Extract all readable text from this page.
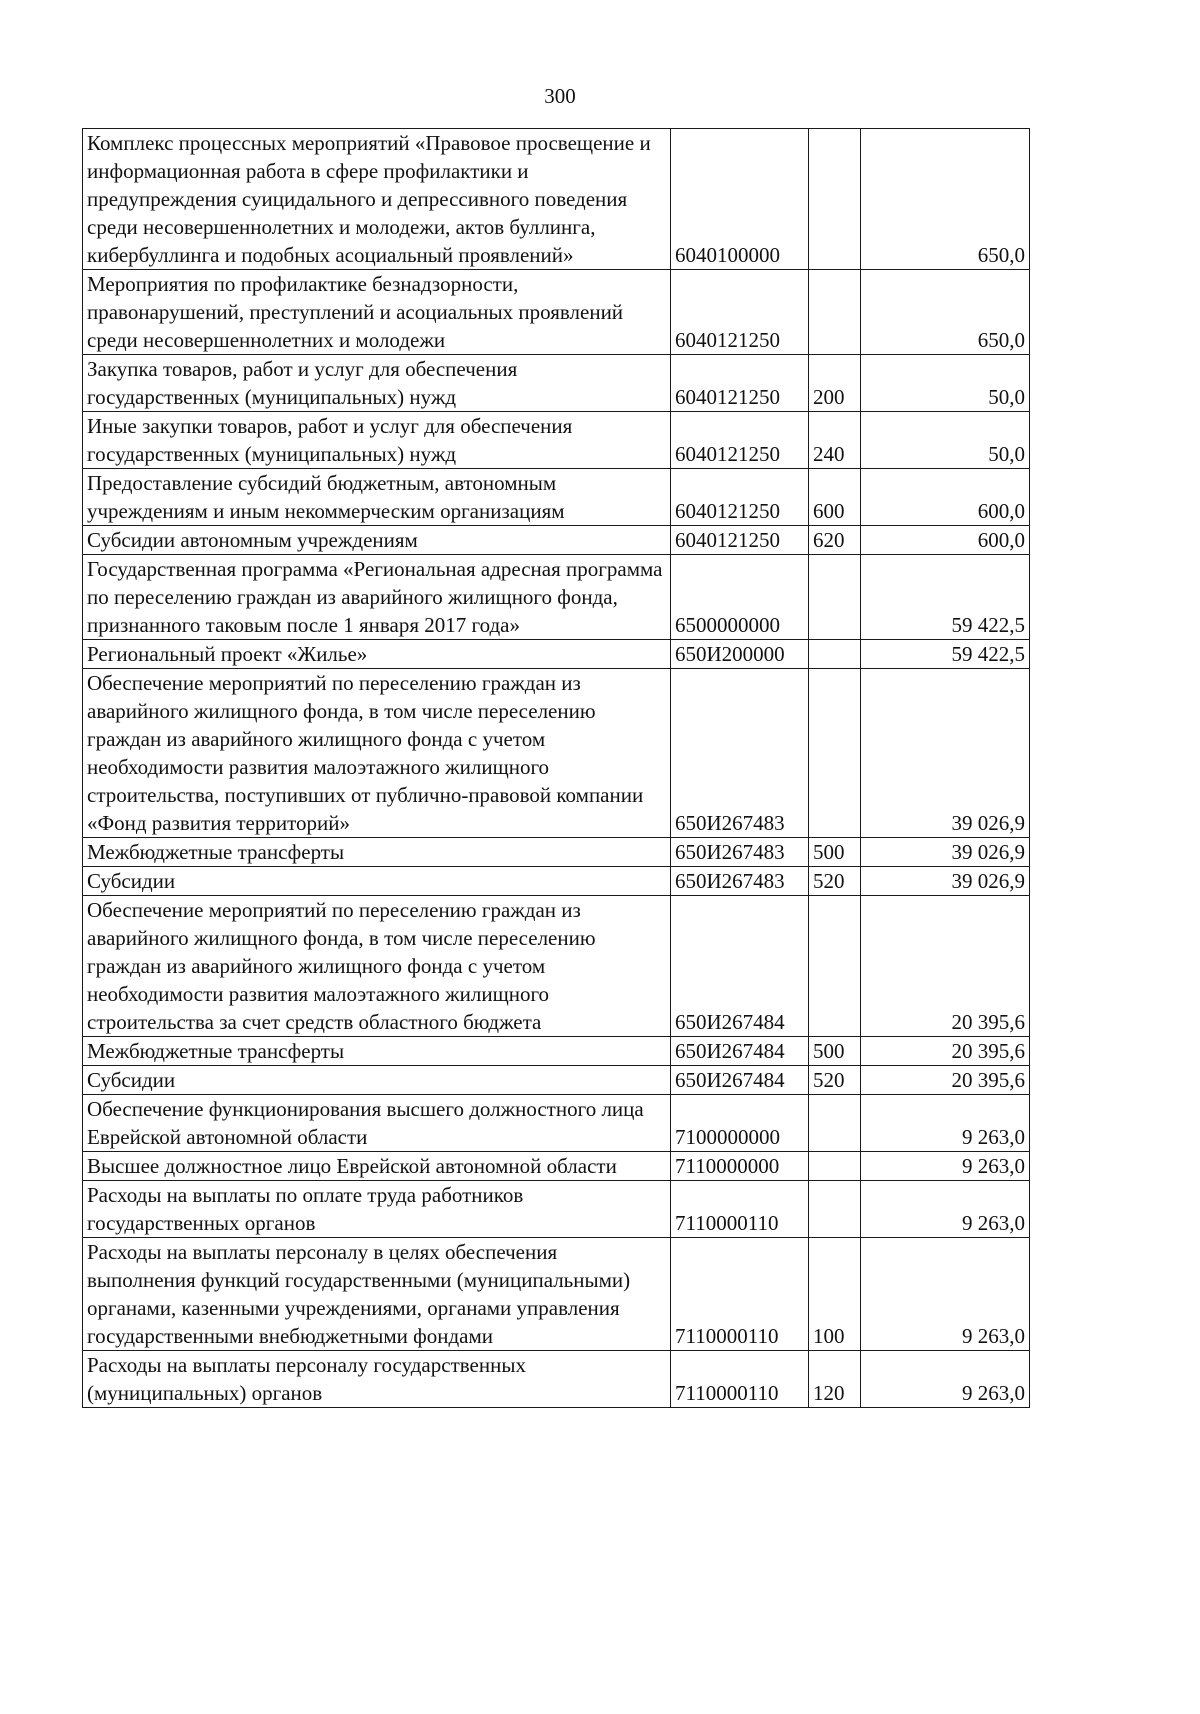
300
Комплекс процессных мероприятий «Правовое просвещение и информационная работа в сфере профилактики и предупреждения суицидального и депрессивного поведения среди несовершеннолетних и молодежи, актов буллинга, кибербуллинга и подобных асоциальный проявлений»	6040100000		650,0
Мероприятия по профилактике безнадзорности, правонарушений, преступлений и асоциальных проявлений среди несовершеннолетних и молодежи	6040121250		650,0
Закупка товаров, работ и услуг для обеспечения государственных (муниципальных) нужд	6040121250	200	50,0
Иные закупки товаров, работ и услуг для обеспечения государственных (муниципальных) нужд	6040121250	240	50,0
Предоставление субсидий бюджетным, автономным учреждениям и иным некоммерческим организациям	6040121250	600	600,0
Субсидии автономным учреждениям	6040121250	620	600,0
Государственная программа «Региональная адресная программа по переселению граждан из аварийного жилищного фонда, признанного таковым после 1 января 2017 года»	6500000000		59 422,5
Региональный проект «Жилье»	650И200000		59 422,5
Обеспечение мероприятий по переселению граждан из аварийного жилищного фонда, в том числе переселению граждан из аварийного жилищного фонда с учетом необходимости развития малоэтажного жилищного строительства, поступивших от публично-правовой компании «Фонд развития территорий»	650И267483		39 026,9
Межбюджетные трансферты	650И267483	500	39 026,9
Субсидии	650И267483	520	39 026,9
Обеспечение мероприятий по переселению граждан из аварийного жилищного фонда, в том числе переселению граждан из аварийного жилищного фонда с учетом необходимости развития малоэтажного жилищного строительства за счет средств областного бюджета	650И267484		20 395,6
Межбюджетные трансферты	650И267484	500	20 395,6
Субсидии	650И267484	520	20 395,6
Обеспечение функционирования высшего должностного лица Еврейской автономной области	7100000000		9 263,0
Высшее должностное лицо Еврейской автономной области	7110000000		9 263,0
Расходы на выплаты по оплате труда работников государственных органов	7110000110		9 263,0
Расходы на выплаты персоналу в целях обеспечения выполнения функций государственными (муниципальными) органами, казенными учреждениями, органами управления государственными внебюджетными фондами	7110000110	100	9 263,0
Расходы на выплаты персоналу государственных (муниципальных) органов	7110000110	120	9 263,0
